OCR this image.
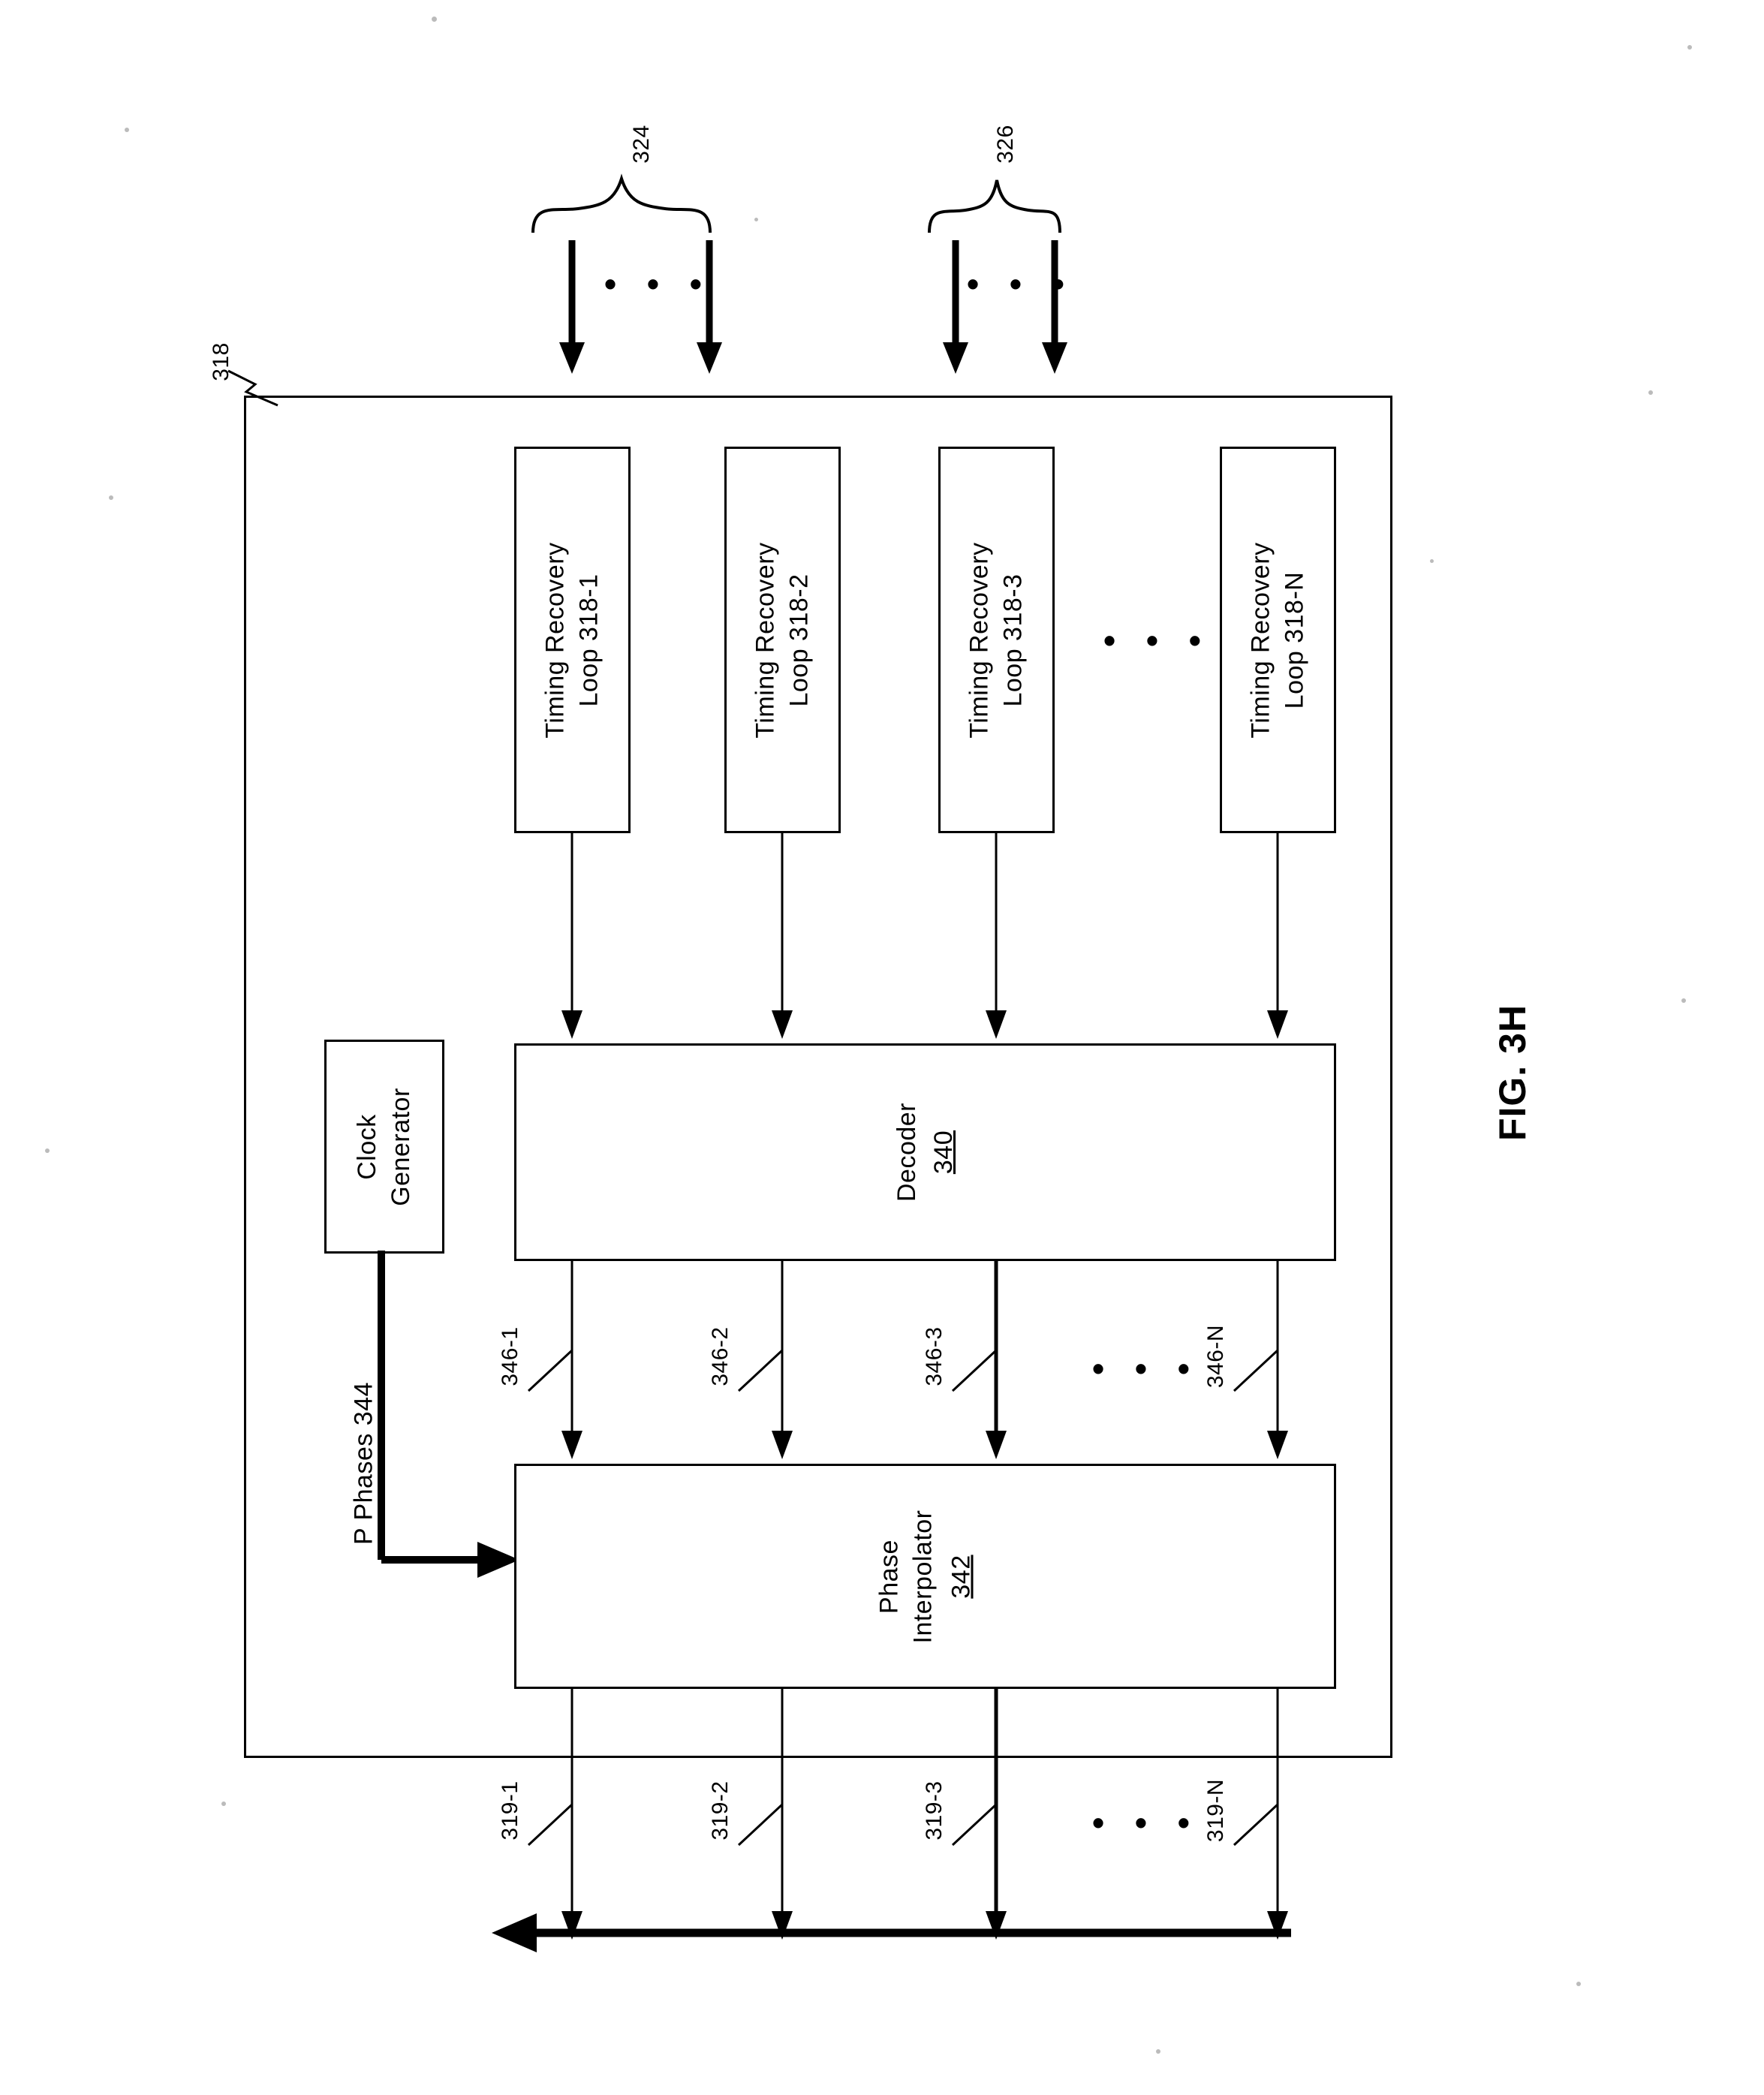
FIG. 3H
324	326
• • •	• • •
318
Timing Recovery Loop 318-1	Timing Recovery Loop 318-2	Timing Recovery Loop 318-3	Timing Recovery Loop 318-N
• • •
Clock Generator
P Phases 344
Decoder 340
346-1	346-2	346-3	346-N
• • •
Phase Interpolator 342
319-1	319-2	319-3	319-N
• • •
